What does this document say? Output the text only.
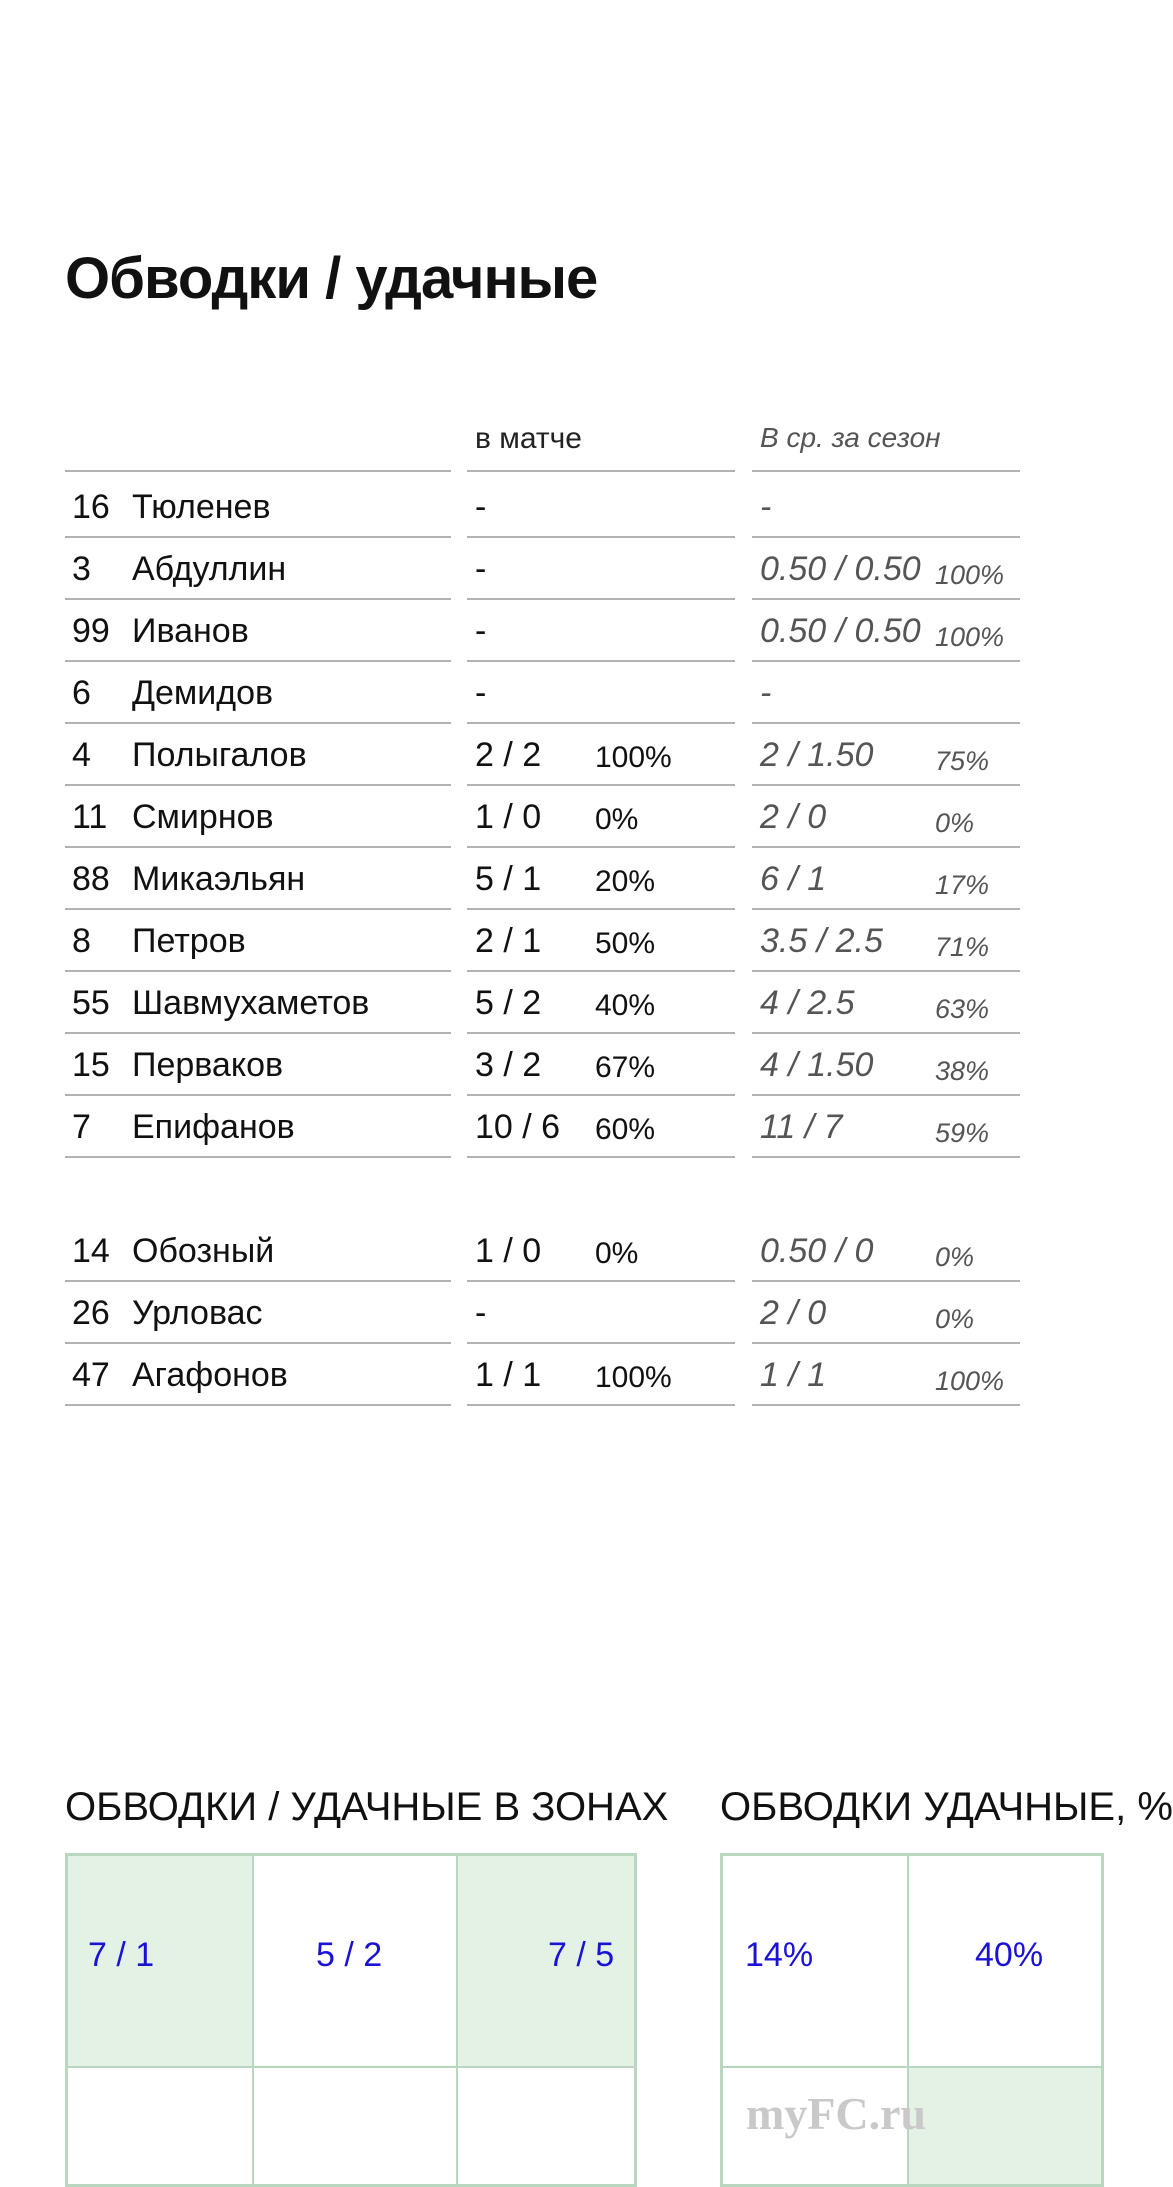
Обводки / удачные
в матче	В ср. за сезон
16 Тюленев	-	-
3 Абдуллин	-	0.50 / 0.50 100%
99 Иванов	-	0.50 / 0.50 100%
6 Демидов	-	-
4 Полыгалов	2 / 2 100%	2 / 1.50 75%
11 Смирнов	1 / 0 0%	2 / 0	0%
88 Микаэльян	5 / 1 20%	6 / 1	17%
8 Петров	2 / 1 50%	3.5 / 2.5 71%
55 Шавмухаметов	5 / 2 40%	4 / 2.5	63%
15 Перваков	3 / 2 67%	4 / 1.50 38%
7 Епифанов	10 / 6 60%	11 / 7	59%
14 Обозный	1 / 0 0%	0.50 / 0 0%
26 Урловас	-	2 / 0	0%
47 Агафонов	1 / 1 100%	1 / 1	100%
ОБВОДКИ / УДАЧНЫЕ В ЗОНАХ ОБВОДКИ УДАЧНЫЕ, %
7 / 1	5 / 2	7 / 5	14%	40%
myFC.ru
